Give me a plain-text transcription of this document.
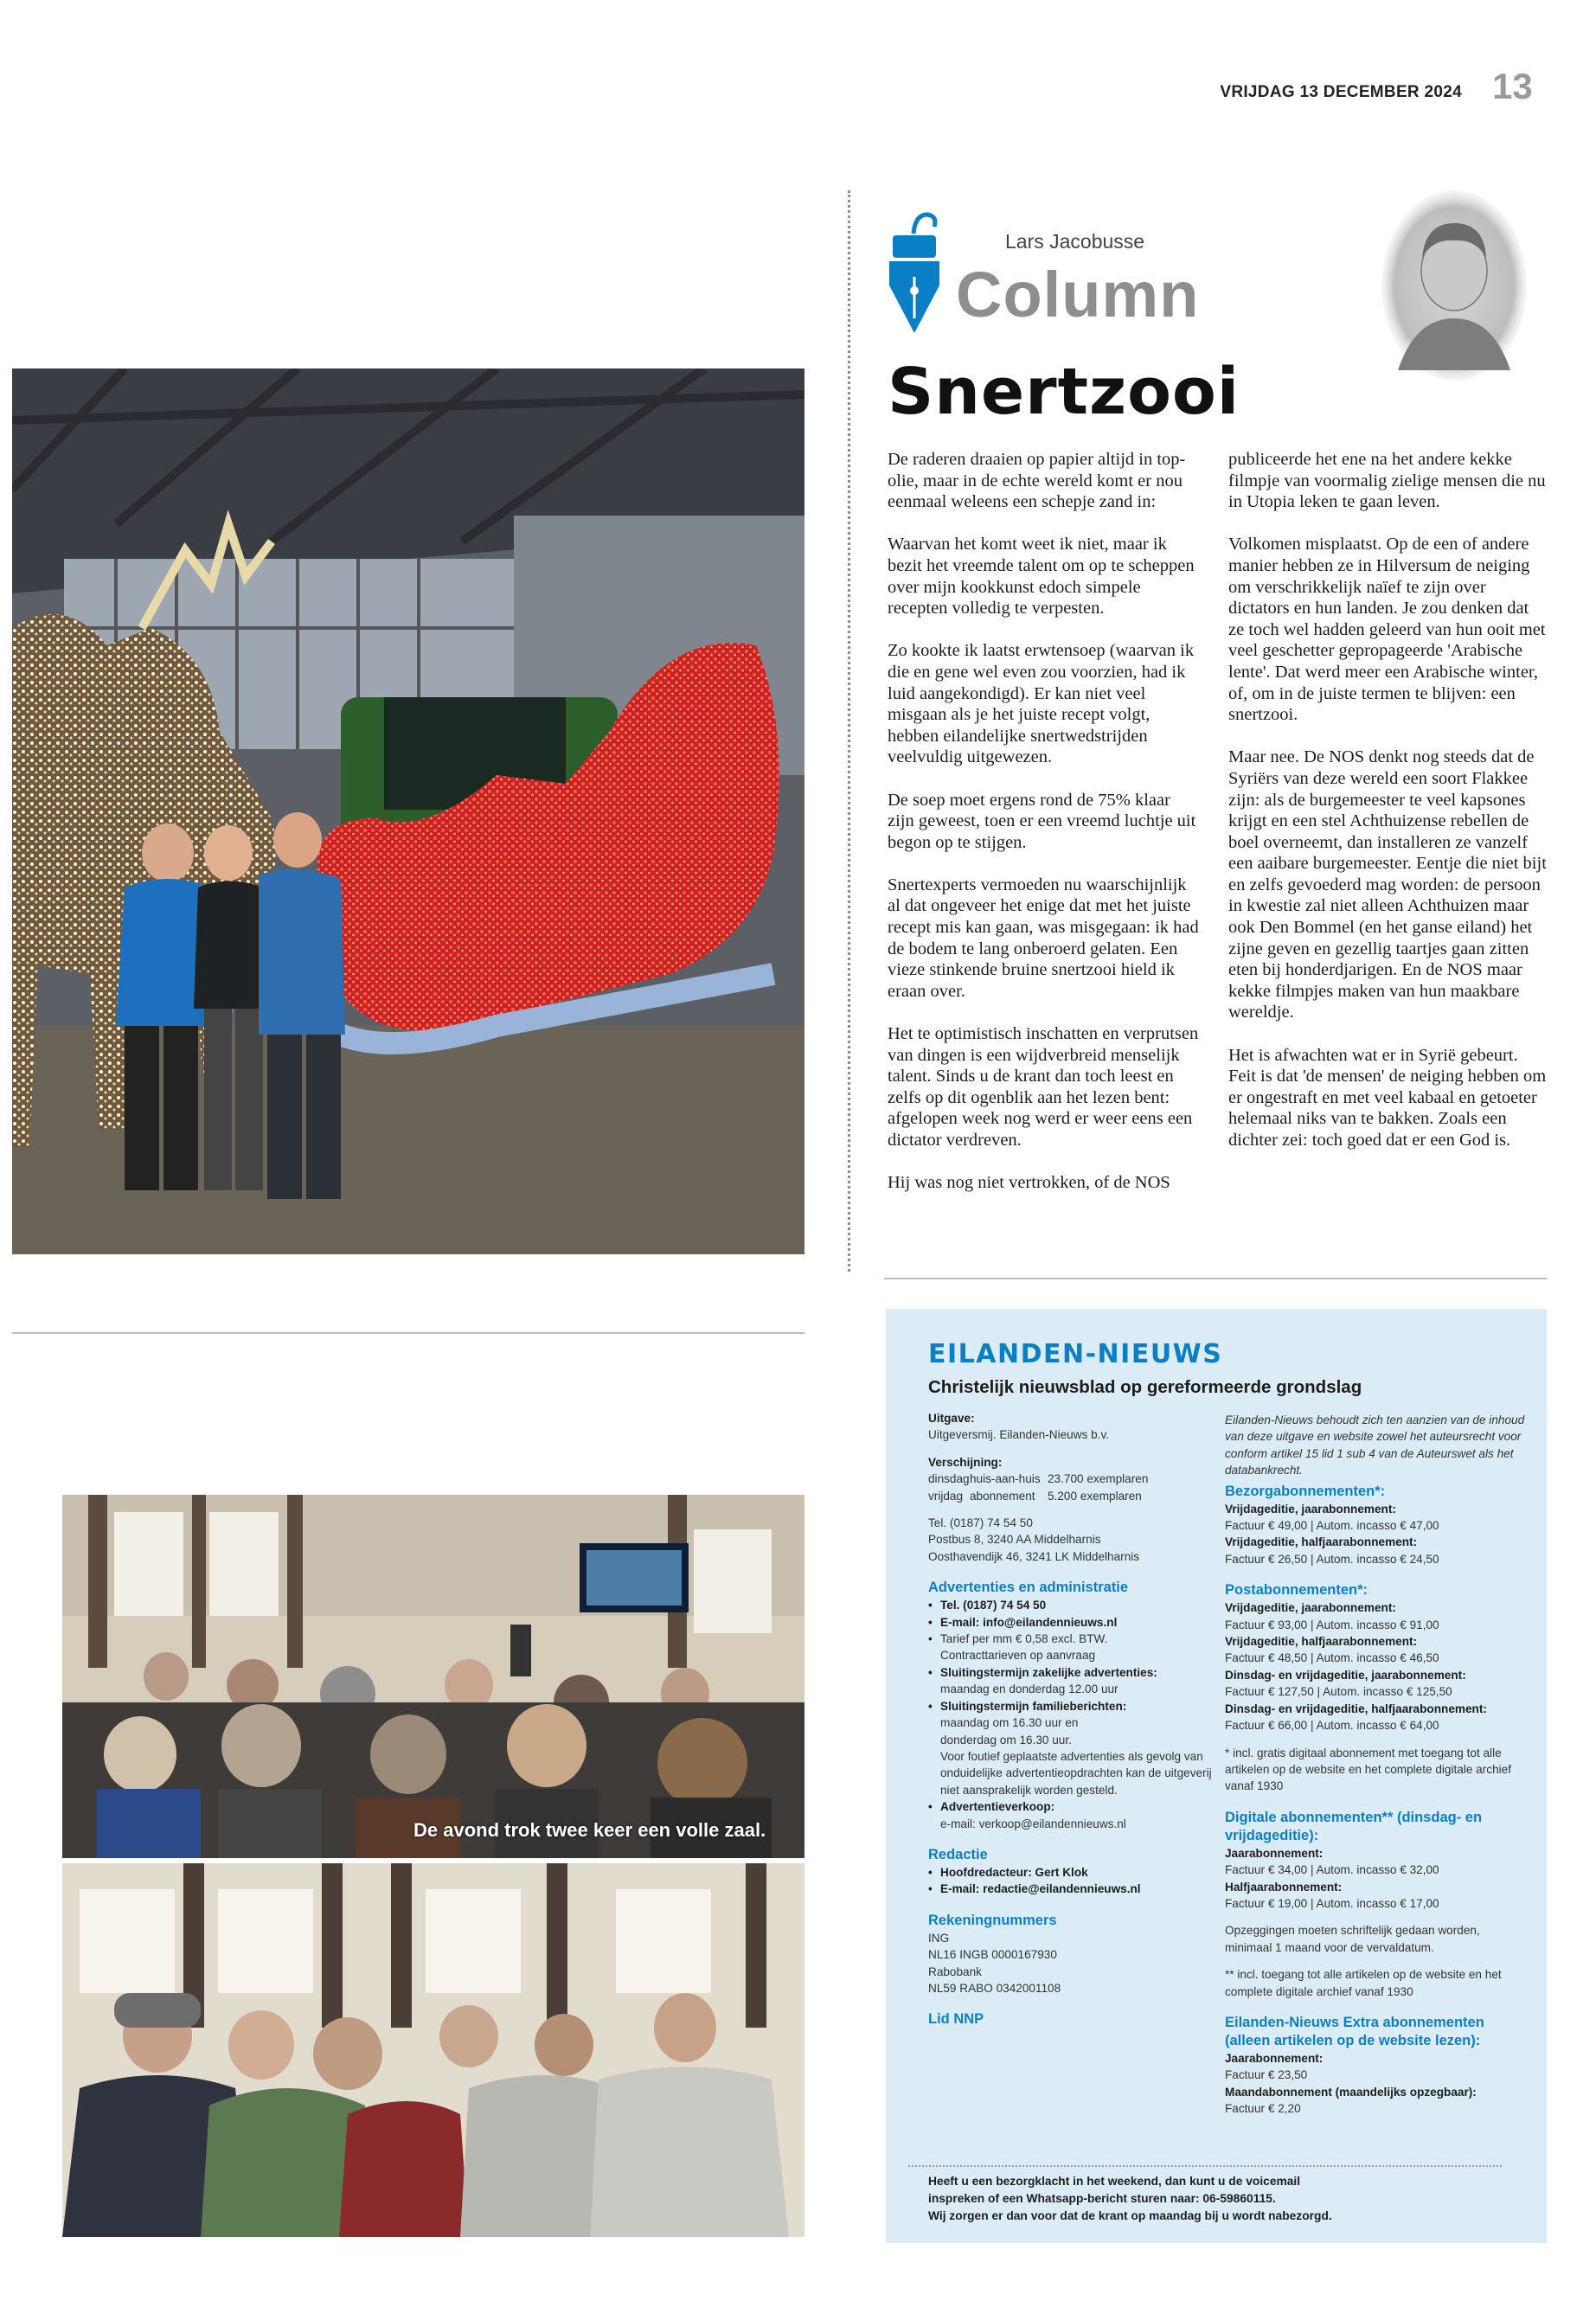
VRIJDAG 13 DECEMBER 2024 13
De avond trok twee keer een volle zaal.
Lars Jacobusse
Column
Snertzooi

De raderen draaien op papier altijd in top-olie, maar in de echte wereld komt er nou eenmaal weleens een schepje zand in:

Waarvan het komt weet ik niet, maar ik bezit het vreemde talent om op te scheppen over mijn kookkunst edoch simpele recepten volledig te verpesten.

Zo kookte ik laatst erwtensoep (waarvan ik die en gene wel even zou voorzien, had ik luid aangekondigd). Er kan niet veel misgaan als je het juiste recept volgt, hebben eilandelijke snertwedstrijden veelvuldig uitgewezen.

De soep moet ergens rond de 75% klaar zijn geweest, toen er een vreemd luchtje uit begon op te stijgen.

Snertexperts vermoeden nu waarschijnlijk al dat ongeveer het enige dat met het juiste recept mis kan gaan, was misgegaan: ik had de bodem te lang onberoerd gelaten. Een vieze stinkende bruine snertzooi hield ik eraan over.

Het te optimistisch inschatten en verprutsen van dingen is een wijdverbreid menselijk talent. Sinds u de krant dan toch leest en zelfs op dit ogenblik aan het lezen bent: afgelopen week nog werd er weer eens een dictator verdreven.

Hij was nog niet vertrokken, of de NOS

publiceerde het ene na het andere kekke filmpje van voormalig zielige mensen die nu in Utopia leken te gaan leven.

Volkomen misplaatst. Op de een of andere manier hebben ze in Hilversum de neiging om verschrikkelijk naïef te zijn over dictators en hun landen. Je zou denken dat ze toch wel hadden geleerd van hun ooit met veel geschetter gepropageerde 'Arabische lente'. Dat werd meer een Arabische winter, of, om in de juiste termen te blijven: een snertzooi.

Maar nee. De NOS denkt nog steeds dat de Syriërs van deze wereld een soort Flakkee zijn: als de burgemeester te veel kapsones krijgt en een stel Achthuizense rebellen de boel overneemt, dan installeren ze vanzelf een aaibare burgemeester. Eentje die niet bijt en zelfs gevoederd mag worden: de persoon in kwestie zal niet alleen Achthuizen maar ook Den Bommel (en het ganse eiland) het zijne geven en gezellig taartjes gaan zitten eten bij honderdjarigen. En de NOS maar kekke filmpjes maken van hun maakbare wereldje.

Het is afwachten wat er in Syrië gebeurt. Feit is dat 'de mensen' de neiging hebben om er ongestraft en met veel kabaal en getoeter helemaal niks van te bakken. Zoals een dichter zei: toch goed dat er een God is.

EILANDEN-NIEUWS
Christelijk nieuwsblad op gereformeerde grondslag
Uitgave:
Uitgeversmij. Eilanden-Nieuws b.v.
Verschijning:
dinsdag huis-aan-huis 23.700 exemplaren
vrijdag abonnement	5.200 exemplaren
Tel. (0187) 74 54 50
Postbus 8, 3240 AA Middelharnis
Oosthavendijk 46, 3241 LK Middelharnis
Advertenties en administratie
• Tel. (0187) 74 54 50
• E-mail: info@eilandennieuws.nl
• Tarief per mm € 0,58 excl. BTW.
Contracttarieven op aanvraag
• Sluitingstermijn zakelijke advertenties:
maandag en donderdag 12.00 uur
• Sluitingstermijn familieberichten:
maandag om 16.30 uur en
donderdag om 16.30 uur.
Voor foutief geplaatste advertenties als gevolg van onduidelijke advertentieopdrachten kan de uitgeverij niet aansprakelijk worden gesteld.
• Advertentieverkoop:
e-mail: verkoop@eilandennieuws.nl
Redactie
• Hoofdredacteur: Gert Klok
• E-mail: redactie@eilandennieuws.nl
Rekeningnummers
ING
NL16 INGB 0000167930
Rabobank
NL59 RABO 0342001108
Lid NNP
Eilanden-Nieuws behoudt zich ten aanzien van de inhoud van deze uitgave en website zowel het auteursrecht voor conform artikel 15 lid 1 sub 4 van de Auteurswet als het databankrecht.
Bezorgabonnementen*:
Vrijdageditie, jaarabonnement:
Factuur € 49,00 | Autom. incasso € 47,00
Vrijdageditie, halfjaarabonnement:
Factuur € 26,50 | Autom. incasso € 24,50
Postabonnementen*:
Vrijdageditie, jaarabonnement:
Factuur € 93,00 | Autom. incasso € 91,00
Vrijdageditie, halfjaarabonnement:
Factuur € 48,50 | Autom. incasso € 46,50
Dinsdag- en vrijdageditie, jaarabonnement:
Factuur € 127,50 | Autom. incasso € 125,50
Dinsdag- en vrijdageditie, halfjaarabonnement:
Factuur € 66,00 | Autom. incasso € 64,00
* incl. gratis digitaal abonnement met toegang tot alle artikelen op de website en het complete digitale archief vanaf 1930
Digitale abonnementen** (dinsdag- en vrijdageditie):
Jaarabonnement:
Factuur € 34,00 | Autom. incasso € 32,00
Halfjaarabonnement:
Factuur € 19,00 | Autom. incasso € 17,00
Opzeggingen moeten schriftelijk gedaan worden, minimaal 1 maand voor de vervaldatum.
** incl. toegang tot alle artikelen op de website en het complete digitale archief vanaf 1930
Eilanden-Nieuws Extra abonnementen (alleen artikelen op de website lezen):
Jaarabonnement:
Factuur € 23,50
Maandabonnement (maandelijks opzegbaar):
Factuur € 2,20
Heeft u een bezorgklacht in het weekend, dan kunt u de voicemail
inspreken of een Whatsapp-bericht sturen naar: 06-59860115.
Wij zorgen er dan voor dat de krant op maandag bij u wordt nabezorgd.
